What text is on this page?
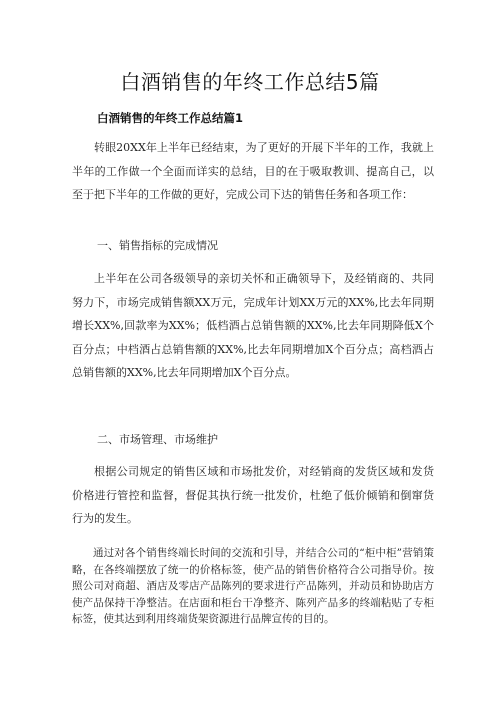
白酒销售的年终工作总结5篇
白酒销售的年终工作总结篇1

转眼20XX年上半年已经结束，为了更好的开展下半年的工作，我就上半年的工作做一个全面而详实的总结，目的在于吸取教训、提高自己，以至于把下半年的工作做的更好，完成公司下达的销售任务和各项工作：

一、销售指标的完成情况

上半年在公司各级领导的亲切关怀和正确领导下，及经销商的、共同努力下，市场完成销售额XX万元，完成年计划XX万元的XX%,比去年同期增长XX%,回款率为XX%；低档酒占总销售额的XX%,比去年同期降低X个百分点；中档酒占总销售额的XX%,比去年同期增加X个百分点；高档酒占总销售额的XX%,比去年同期增加X个百分点。

二、市场管理、市场维护

根据公司规定的销售区域和市场批发价，对经销商的发货区域和发货价格进行管控和监督，督促其执行统一批发价，杜绝了低价倾销和倒窜货行为的发生。

通过对各个销售终端长时间的交流和引导，并结合公司的“柜中柜”营销策略，在各终端摆放了统一的价格标签，使产品的销售价格符合公司指导价。按照公司对商超、酒店及零店产品陈列的要求进行产品陈列，并动员和协助店方使产品保持干净整洁。在店面和柜台干净整齐、陈列产品多的终端粘贴了专柜标签，使其达到利用终端货架资源进行品牌宣传的目的。
